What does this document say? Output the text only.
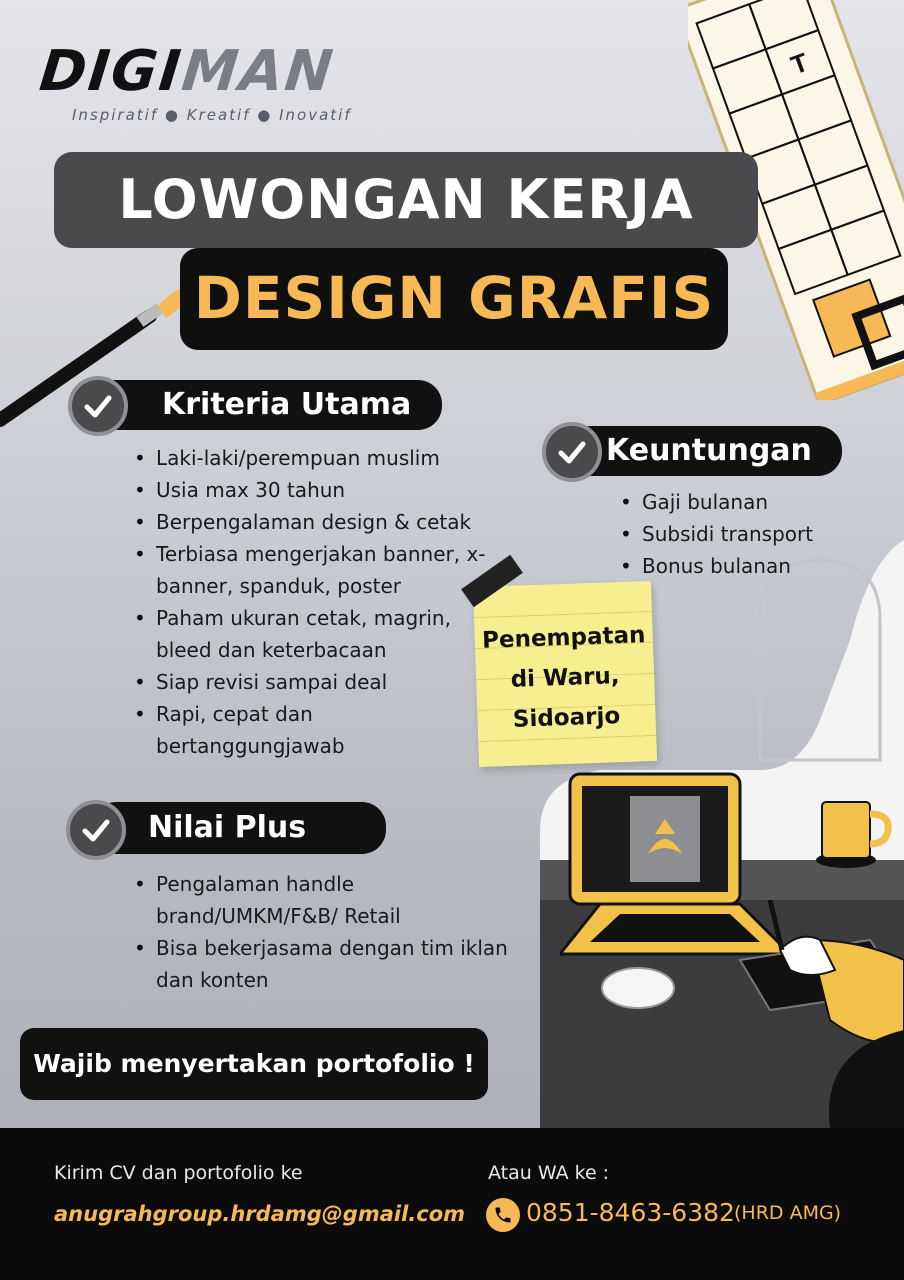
T
DIGIMAN
Inspiratif ● Kreatif ● Inovatif
LOWONGAN KERJA
DESIGN GRAFIS
Kriteria Utama
• Laki-laki/perempuan muslim
• Usia max 30 tahun
• Berpengalaman design & cetak
• Terbiasa mengerjakan banner, x-banner, spanduk, poster
• Paham ukuran cetak, magrin, bleed dan keterbacaan
• Siap revisi sampai deal
• Rapi, cepat dan bertanggungjawab
Keuntungan
• Gaji bulanan
• Subsidi transport
• Bonus bulanan
Penempatan
di Waru,
Sidoarjo
Nilai Plus
• Pengalaman handle brand/UMKM/F&B/ Retail
• Bisa bekerjasama dengan tim iklan dan konten
Wajib menyertakan portofolio !
Kirim CV dan portofolio ke
anugrahgroup.hrdamg@gmail.com
Atau WA ke :
0851-8463-6382 (HRD AMG)
